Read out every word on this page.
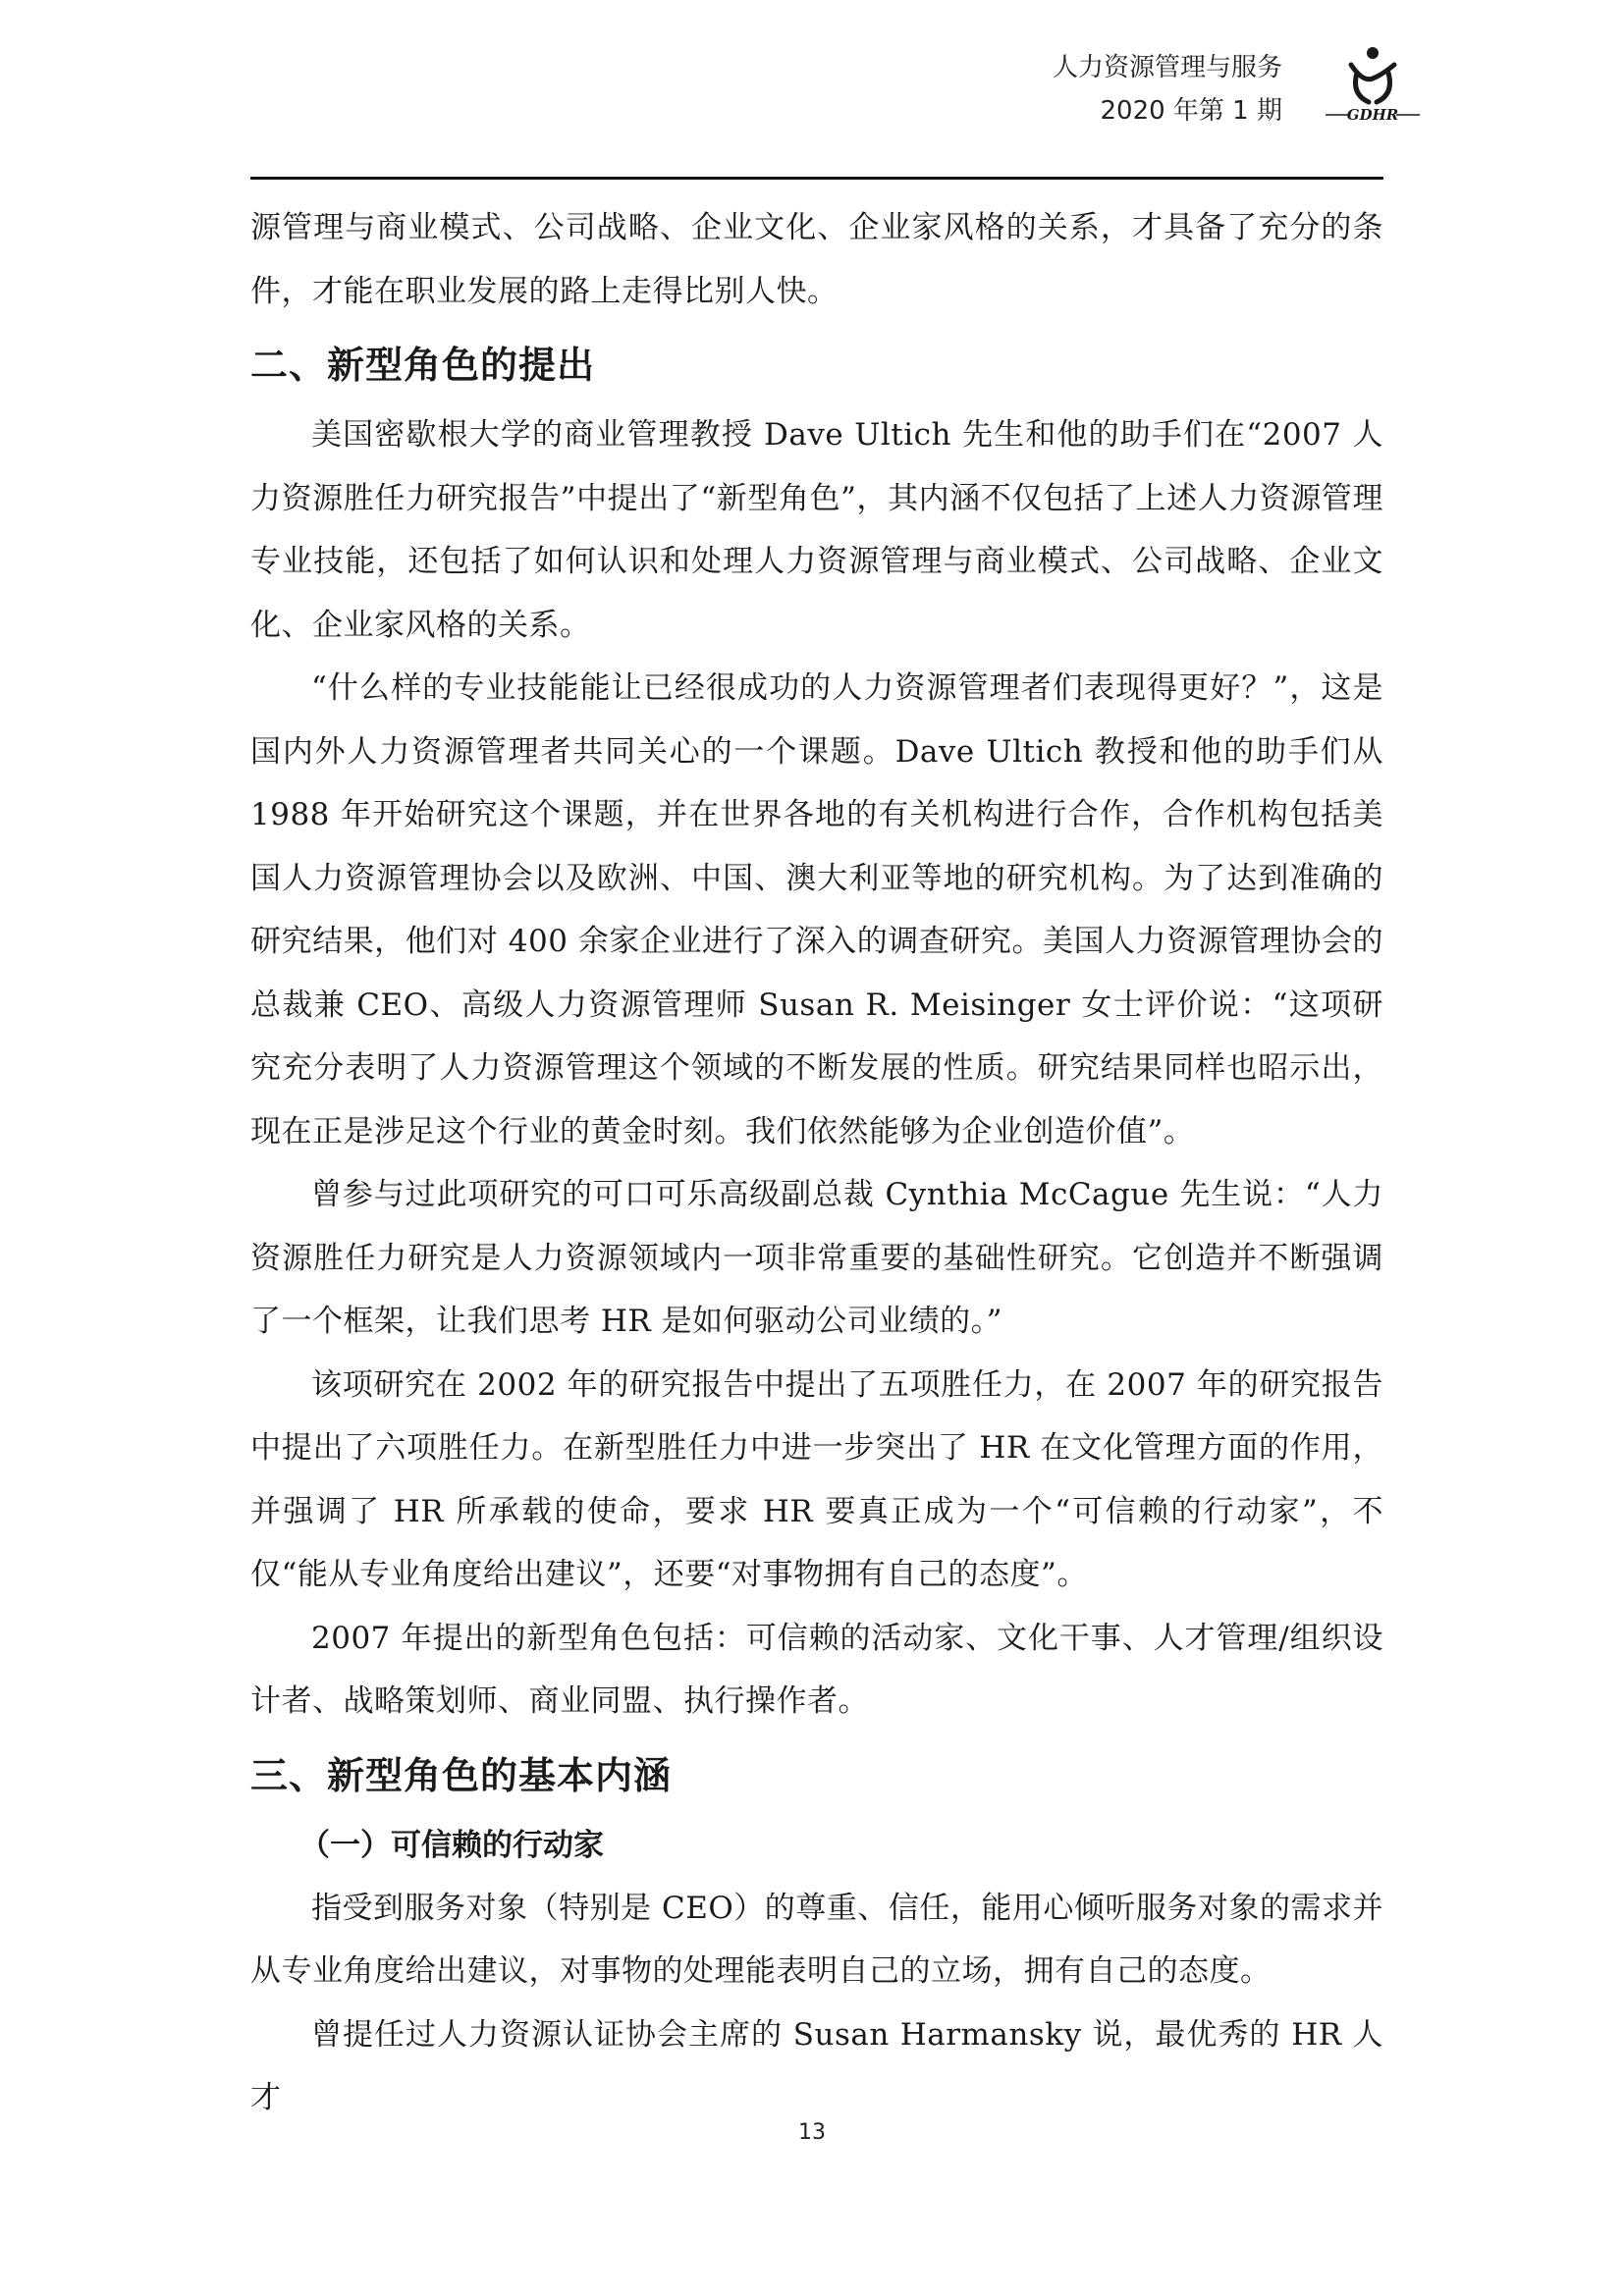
人力资源管理与服务
2020 年第 1 期	GDHR

源管理与商业模式、公司战略、企业文化、企业家风格的关系，才具备了充分的条件，才能在职业发展的路上走得比别人快。

二、新型角色的提出

美国密歇根大学的商业管理教授 Dave Ultich 先生和他的助手们在“2007 人力资源胜任力研究报告”中提出了“新型角色”，其内涵不仅包括了上述人力资源管理专业技能，还包括了如何认识和处理人力资源管理与商业模式、公司战略、企业文化、企业家风格的关系。

“什么样的专业技能能让已经很成功的人力资源管理者们表现得更好？”，这是国内外人力资源管理者共同关心的一个课题。Dave Ultich 教授和他的助手们从 1988 年开始研究这个课题，并在世界各地的有关机构进行合作，合作机构包括美国人力资源管理协会以及欧洲、中国、澳大利亚等地的研究机构。为了达到准确的研究结果，他们对 400 余家企业进行了深入的调查研究。美国人力资源管理协会的总裁兼 CEO、高级人力资源管理师 Susan R. Meisinger 女士评价说：“这项研究充分表明了人力资源管理这个领域的不断发展的性质。研究结果同样也昭示出，现在正是涉足这个行业的黄金时刻。我们依然能够为企业创造价值”。

曾参与过此项研究的可口可乐高级副总裁 Cynthia McCague 先生说：“人力资源胜任力研究是人力资源领域内一项非常重要的基础性研究。它创造并不断强调了一个框架，让我们思考 HR 是如何驱动公司业绩的。”

该项研究在 2002 年的研究报告中提出了五项胜任力，在 2007 年的研究报告中提出了六项胜任力。在新型胜任力中进一步突出了 HR 在文化管理方面的作用，并强调了 HR 所承载的使命，要求 HR 要真正成为一个“可信赖的行动家”，不仅“能从专业角度给出建议”，还要“对事物拥有自己的态度”。

2007 年提出的新型角色包括：可信赖的活动家、文化干事、人才管理/组织设计者、战略策划师、商业同盟、执行操作者。

三、新型角色的基本内涵
（一）可信赖的行动家

指受到服务对象（特别是 CEO）的尊重、信任，能用心倾听服务对象的需求并从专业角度给出建议，对事物的处理能表明自己的立场，拥有自己的态度。

曾提任过人力资源认证协会主席的 Susan Harmansky 说，最优秀的 HR 人才

13
